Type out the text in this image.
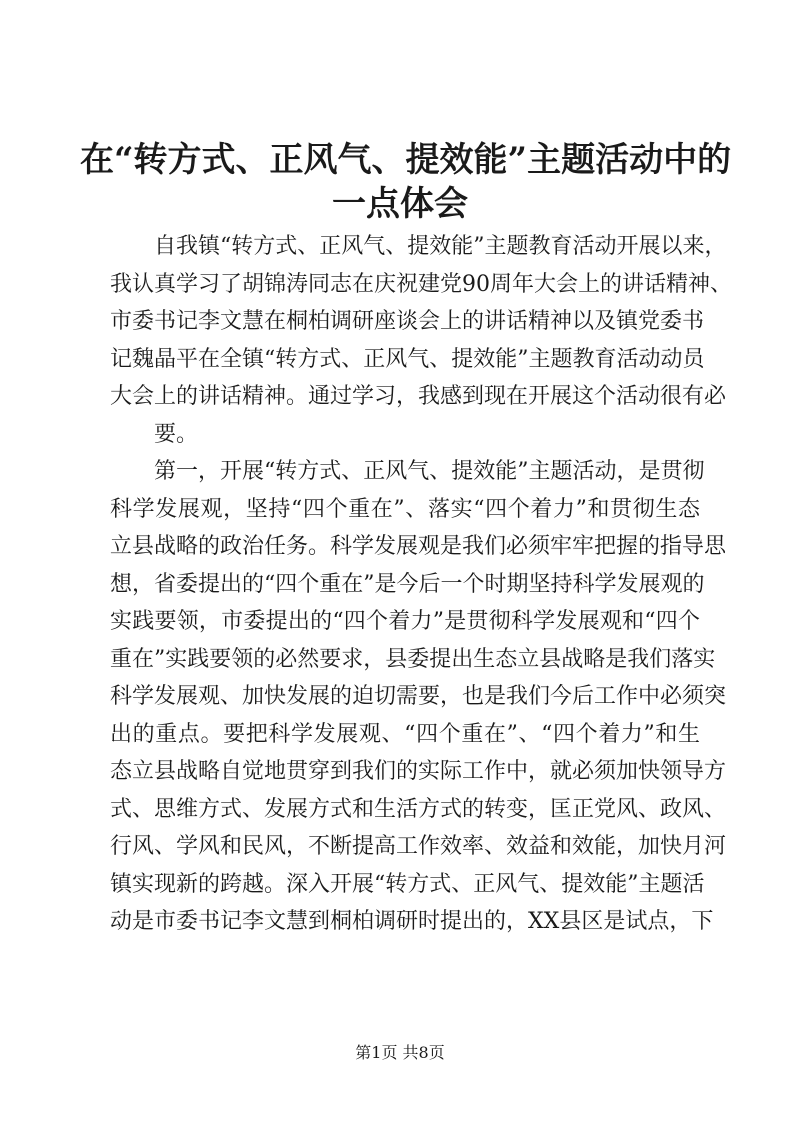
在“转方式、正风气、提效能”主题活动中的
一点体会
自我镇“转方式、正风气、提效能”主题教育活动开展以来，
我认真学习了胡锦涛同志在庆祝建党90周年大会上的讲话精神、
市委书记李文慧在桐柏调研座谈会上的讲话精神以及镇党委书
记魏晶平在全镇“转方式、正风气、提效能”主题教育活动动员
大会上的讲话精神。通过学习，我感到现在开展这个活动很有必
要。
第一，开展“转方式、正风气、提效能”主题活动，是贯彻
科学发展观，坚持“四个重在”、落实“四个着力”和贯彻生态
立县战略的政治任务。科学发展观是我们必须牢牢把握的指导思
想，省委提出的“四个重在”是今后一个时期坚持科学发展观的
实践要领，市委提出的“四个着力”是贯彻科学发展观和“四个
重在”实践要领的必然要求，县委提出生态立县战略是我们落实
科学发展观、加快发展的迫切需要，也是我们今后工作中必须突
出的重点。要把科学发展观、“四个重在”、“四个着力”和生
态立县战略自觉地贯穿到我们的实际工作中，就必须加快领导方
式、思维方式、发展方式和生活方式的转变，匡正党风、政风、
行风、学风和民风，不断提高工作效率、效益和效能，加快月河
镇实现新的跨越。深入开展“转方式、正风气、提效能”主题活
动是市委书记李文慧到桐柏调研时提出的，XX县区是试点，下
第1页 共8页
